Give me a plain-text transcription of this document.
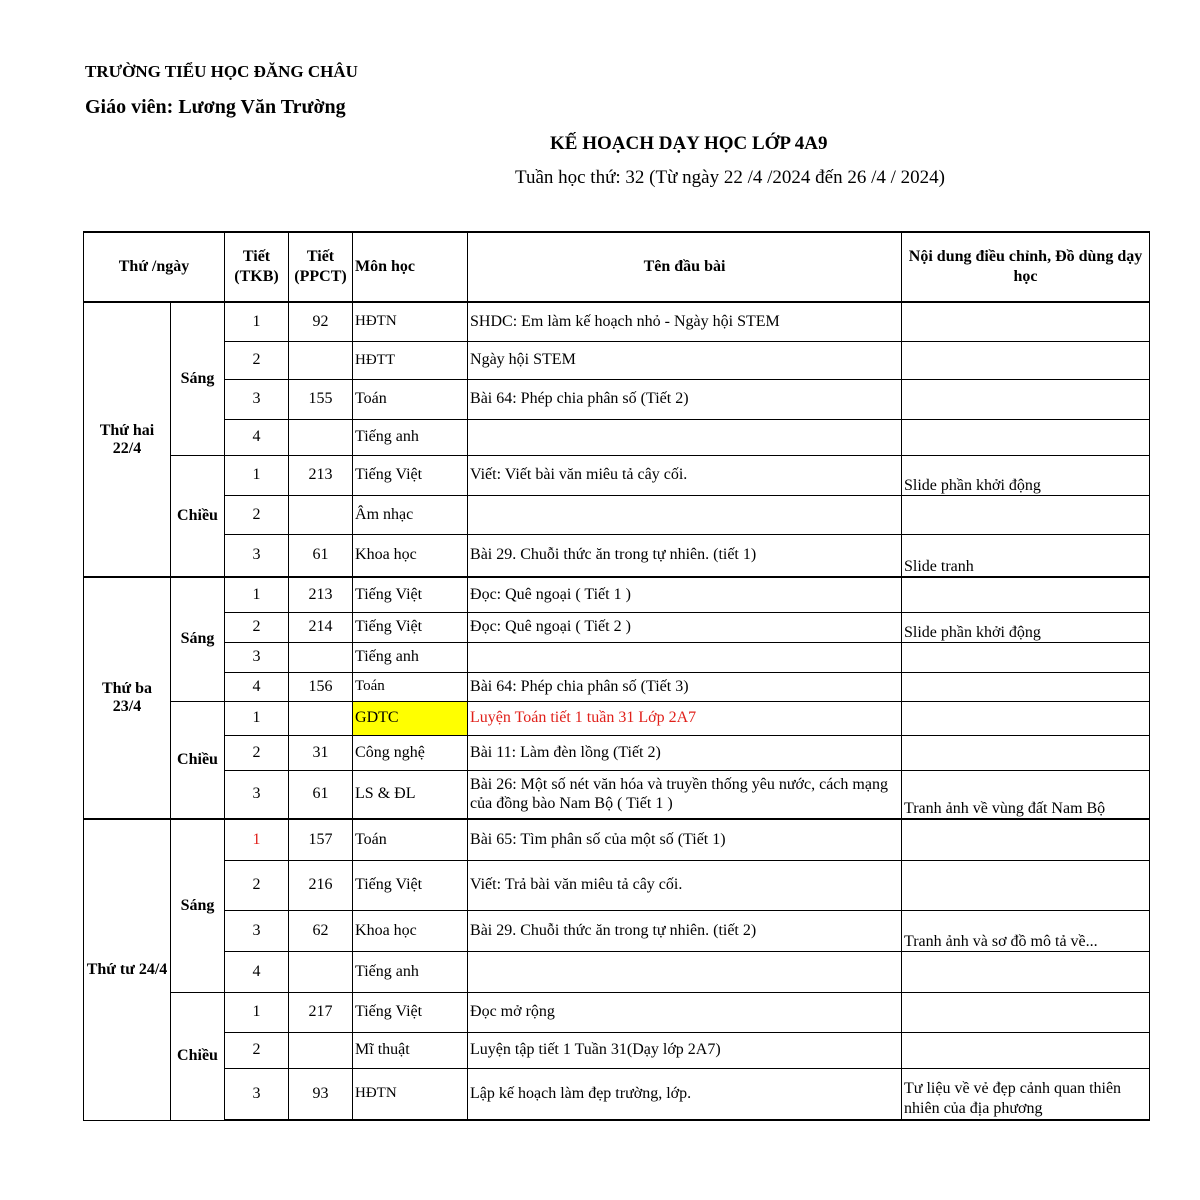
TRƯỜNG TIỂU HỌC ĐĂNG CHÂU
Giáo viên: Lương Văn Trường
KẾ HOẠCH DẠY HỌC LỚP 4A9
Tuần học thứ: 32 (Từ ngày 22 /4 /2024 đến 26 /4 / 2024)
Thứ /ngày		Tiết (TKB)	Tiết (PPCT)	Môn học	Tên đầu bài	Nội dung điều chỉnh, Đồ dùng dạy học
Thứ hai 22/4	Sáng	1	92	HĐTN	SHDC: Em làm kế hoạch nhỏ - Ngày hội STEM	
		2		HĐTT	Ngày hội STEM	
		3	155	Toán	Bài 64: Phép chia phân số (Tiết 2)	
		4		Tiếng anh		
	Chiều	1	213	Tiếng Việt	Viết: Viết bài văn miêu tả cây cối.	Slide phần khởi động
		2		Âm nhạc		
		3	61	Khoa học	Bài 29. Chuỗi thức ăn trong tự nhiên. (tiết 1)	Slide tranh
Thứ ba 23/4	Sáng	1	213	Tiếng Việt	Đọc: Quê ngoại ( Tiết 1 )	
		2	214	Tiếng Việt	Đọc: Quê ngoại ( Tiết 2 )	Slide phần khởi động
		3		Tiếng anh		
		4	156	Toán	Bài 64: Phép chia phân số (Tiết 3)	
	Chiều	1		GDTC	Luyện Toán tiết 1 tuần 31 Lớp 2A7	
		2	31	Công nghệ	Bài 11: Làm đèn lồng (Tiết 2)	
		3	61	LS & ĐL	Bài 26: Một số nét văn hóa và truyền thống yêu nước, cách mạng của đồng bào Nam Bộ ( Tiết 1 )	Tranh ảnh về vùng đất Nam Bộ
Thứ tư 24/4	Sáng	1	157	Toán	Bài 65: Tìm phân số của một số (Tiết 1)	
		2	216	Tiếng Việt	Viết: Trả bài văn miêu tả cây cối.	
		3	62	Khoa học	Bài 29. Chuỗi thức ăn trong tự nhiên. (tiết 2)	Tranh ảnh và sơ đồ mô tả về...
		4		Tiếng anh		
	Chiều	1	217	Tiếng Việt	Đọc mở rộng	
		2		Mĩ thuật	Luyện tập tiết 1 Tuần 31(Dạy lớp 2A7)	
		3	93	HĐTN	Lập kế hoạch làm đẹp trường, lớp.	Tư liệu về vẻ đẹp cảnh quan thiên nhiên của địa phương
